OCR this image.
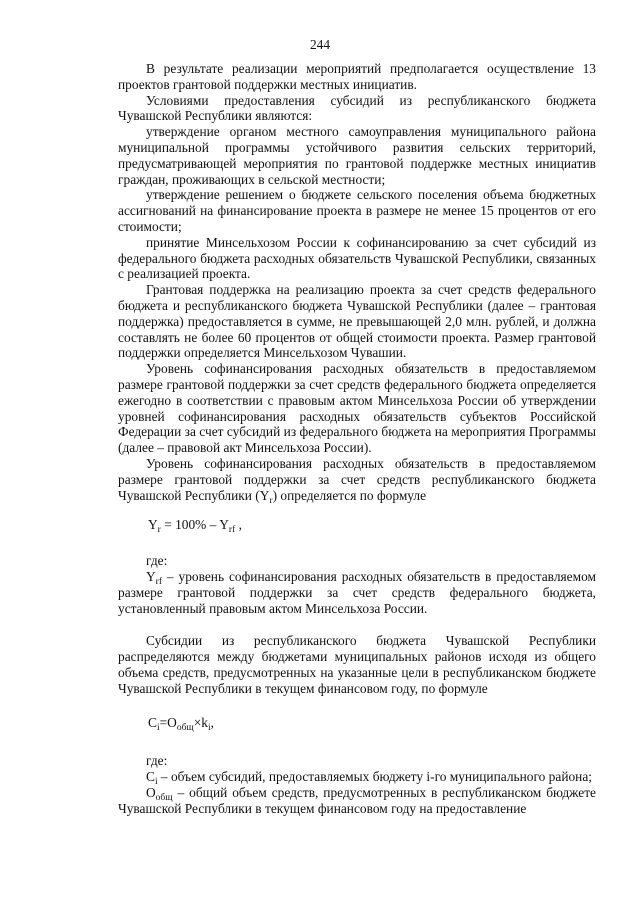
244

В результате реализации мероприятий предполагается осуществление 13 проектов грантовой поддержки местных инициатив.

Условиями предоставления субсидий из республиканского бюджета Чувашской Республики являются:

утверждение органом местного самоуправления муниципального района муниципальной программы устойчивого развития сельских территорий, предусматривающей мероприятия по грантовой поддержке местных инициатив граждан, проживающих в сельской местности;

утверждение решением о бюджете сельского поселения объема бюджетных ассигнований на финансирование проекта в размере не менее 15 процентов от его стоимости;

принятие Минсельхозом России к софинансированию за счет субсидий из федерального бюджета расходных обязательств Чувашской Республики, связанных с реализацией проекта.

Грантовая поддержка на реализацию проекта за счет средств федерального бюджета и республиканского бюджета Чувашской Республики (далее – грантовая поддержка) предоставляется в сумме, не превышающей 2,0 млн. рублей, и должна составлять не более 60 процентов от общей стоимости проекта. Размер грантовой поддержки определяется Минсельхозом Чувашии.

Уровень софинансирования расходных обязательств в предоставляемом размере грантовой поддержки за счет средств федерального бюджета определяется ежегодно в соответствии с правовым актом Минсельхоза России об утверждении уровней софинансирования расходных обязательств субъектов Российской Федерации за счет субсидий из федерального бюджета на мероприятия Программы (далее – правовой акт Минсельхоза России).

Уровень софинансирования расходных обязательств в предоставляемом размере грантовой поддержки за счет средств республиканского бюджета Чувашской Республики $(Y_r)$ определяется по формуле

$Y_r = 100\% - Y_{rf}$ ,
где:

$Y_{rf}$ – уровень софинансирования расходных обязательств в предоставляемом размере грантовой поддержки за счет средств федерального бюджета, установленный правовым актом Минсельхоза России.

Субсидии из республиканского бюджета Чувашской Республики распределяются между бюджетами муниципальных районов исходя из общего объема средств, предусмотренных на указанные цели в республиканском бюджете Чувашской Республики в текущем финансовом году, по формуле

$C_i=O_{общ}\times k_i$,
где:

$C_i$ – объем субсидий, предоставляемых бюджету i-го муниципального района;

$О_{общ}$ – общий объем средств, предусмотренных в республиканском бюджете Чувашской Республики в текущем финансовом году на предоставление
